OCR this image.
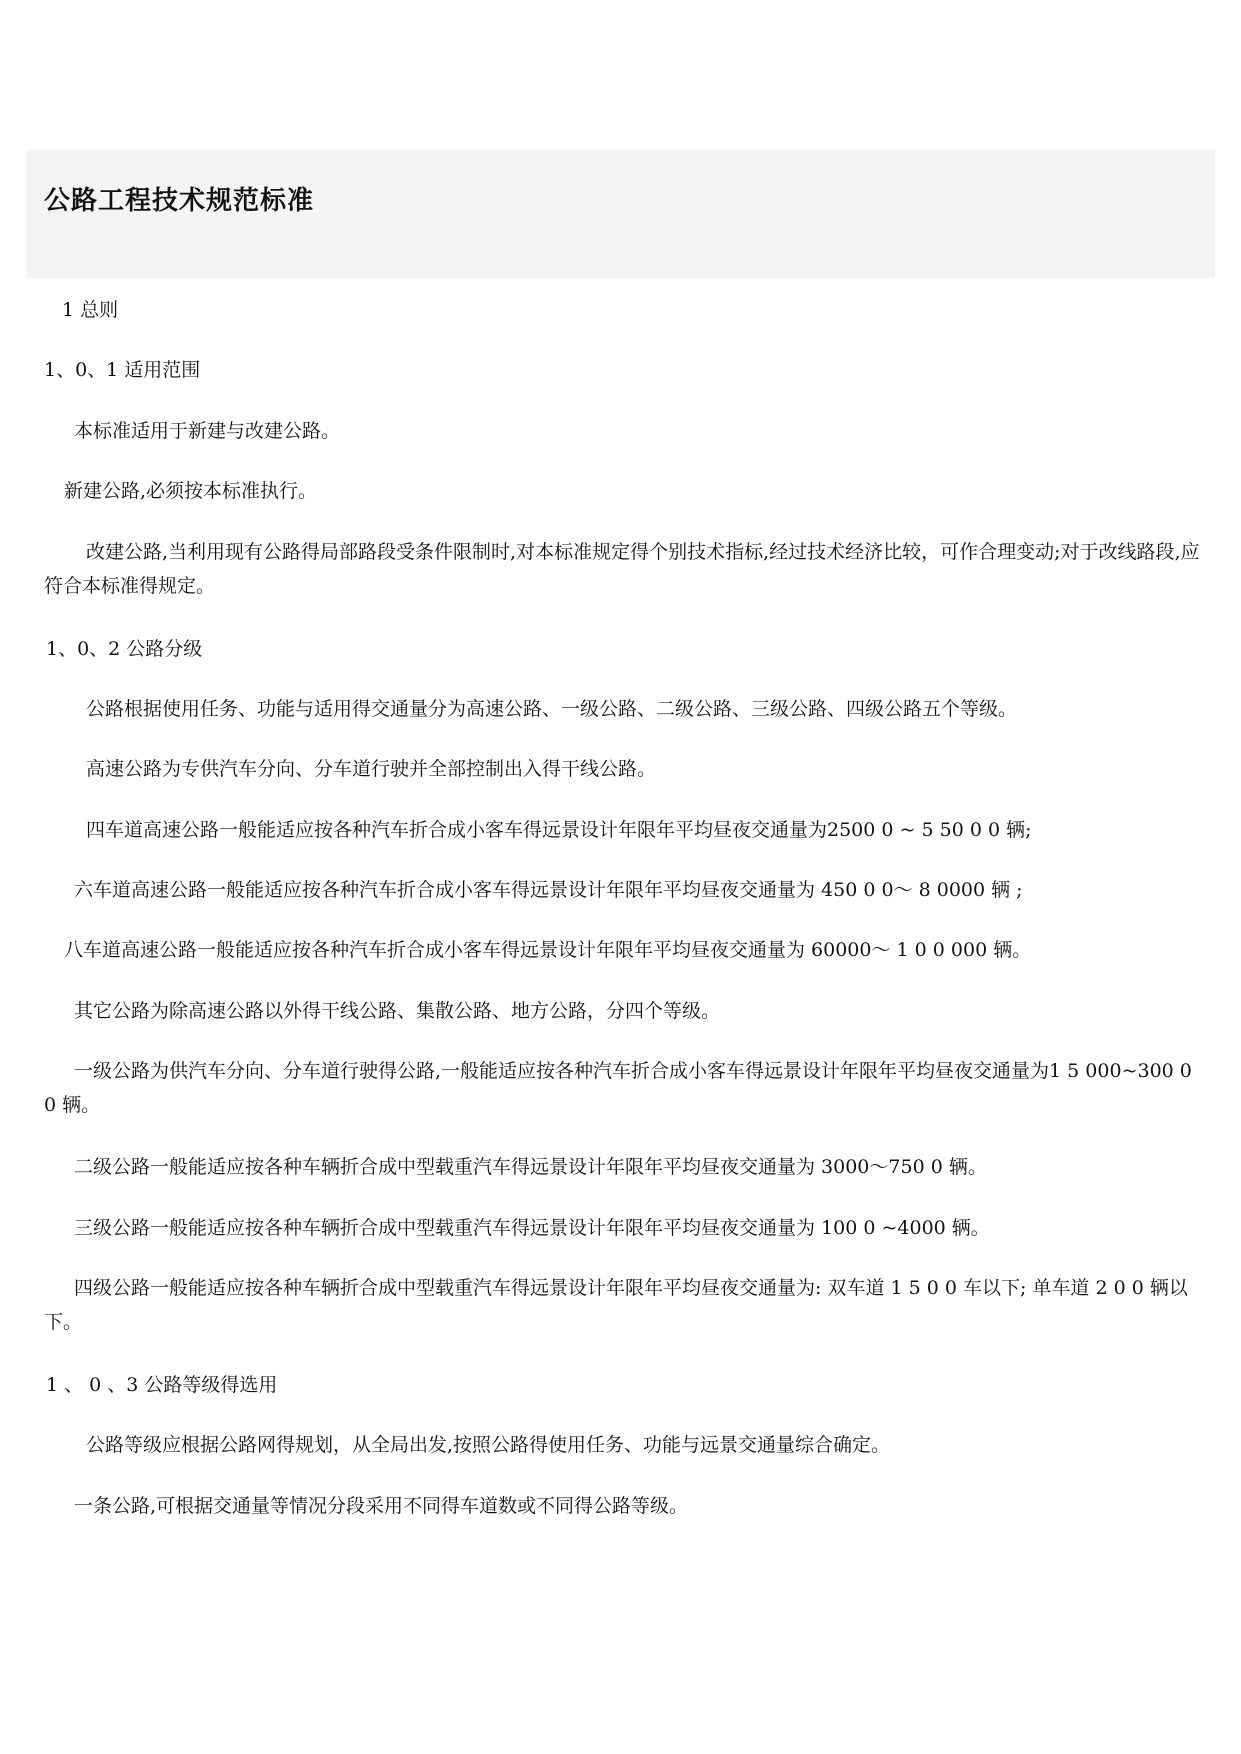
公路工程技术规范标准
1 总则
1、0、1 适用范围
本标准适用于新建与改建公路。
新建公路,必须按本标准执行。
改建公路,当利用现有公路得局部路段受条件限制时,对本标准规定得个别技术指标,经过技术经济比较，可作合理变动;对于改线路段,应符合本标准得规定。
1、0、2 公路分级
公路根据使用任务、功能与适用得交通量分为高速公路、一级公路、二级公路、三级公路、四级公路五个等级。
高速公路为专供汽车分向、分车道行驶并全部控制出入得干线公路。
四车道高速公路一般能适应按各种汽车折合成小客车得远景设计年限年平均昼夜交通量为2500 0 ~ 5 50 0 0 辆;
六车道高速公路一般能适应按各种汽车折合成小客车得远景设计年限年平均昼夜交通量为 450 0 0～ 8 0000 辆 ;
八车道高速公路一般能适应按各种汽车折合成小客车得远景设计年限年平均昼夜交通量为 60000～ 1 0 0 000 辆。
其它公路为除高速公路以外得干线公路、集散公路、地方公路，分四个等级。
一级公路为供汽车分向、分车道行驶得公路,一般能适应按各种汽车折合成小客车得远景设计年限年平均昼夜交通量为1 5 000~300 0 0 辆。
二级公路一般能适应按各种车辆折合成中型载重汽车得远景设计年限年平均昼夜交通量为 3000～750 0 辆。
三级公路一般能适应按各种车辆折合成中型载重汽车得远景设计年限年平均昼夜交通量为 100 0 ~4000 辆。
四级公路一般能适应按各种车辆折合成中型载重汽车得远景设计年限年平均昼夜交通量为: 双车道 1 5 0 0 车以下; 单车道 2 0 0 辆以下。
1 、 0 、3 公路等级得选用
公路等级应根据公路网得规划，从全局出发,按照公路得使用任务、功能与远景交通量综合确定。
一条公路,可根据交通量等情况分段采用不同得车道数或不同得公路等级。
